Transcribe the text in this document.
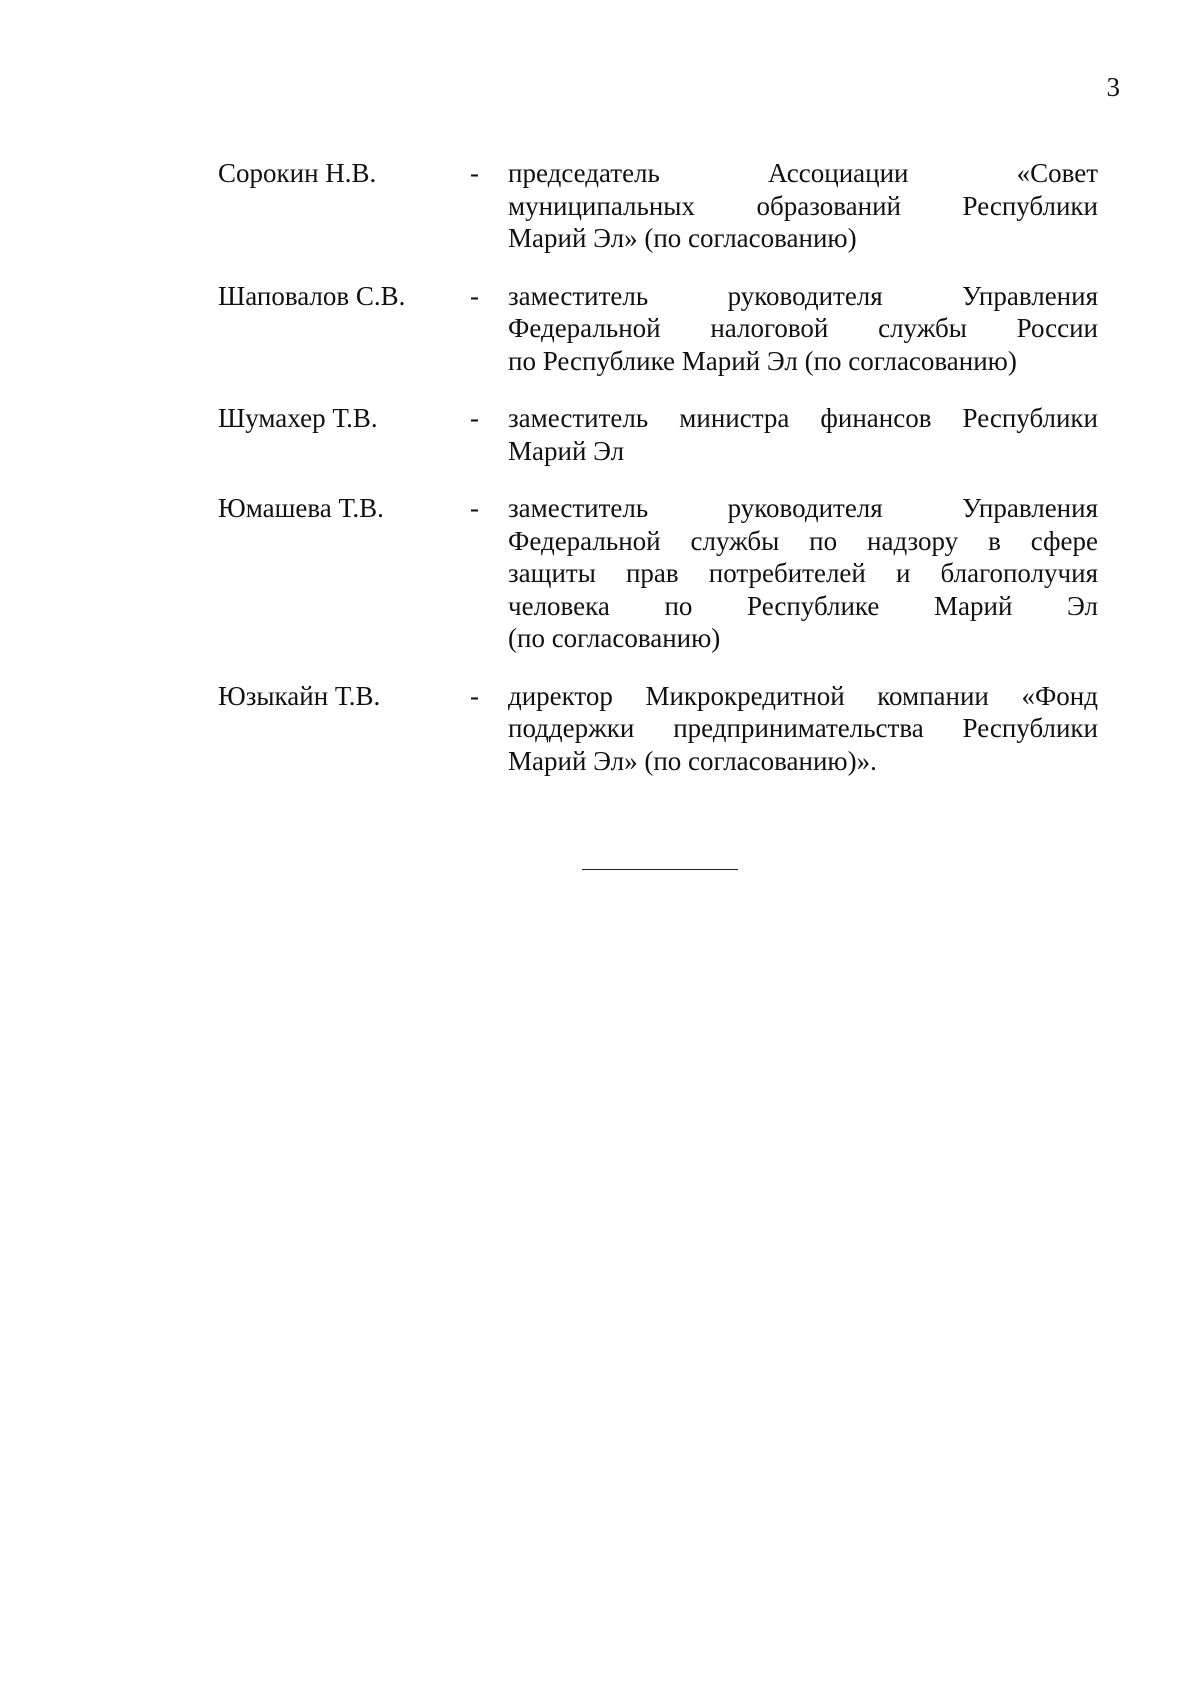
3
Сорокин Н.В.	- председатель Ассоциации «Совет
муниципальных образований Республики
Марий Эл» (по согласованию)
Шаповалов С.В. - заместитель руководителя Управления
Федеральной налоговой службы России
по Республике Марий Эл (по согласованию)
Шумахер Т.В.	- заместитель министра финансов Республики
Марий Эл
Юмашева Т.В.	- заместитель руководителя Управления
Федеральной службы по надзору в сфере
защиты прав потребителей и благополучия
человека по Республике Марий Эл
(по согласованию)
Юзыкайн Т.В.	- директор Микрокредитной компании «Фонд
поддержки предпринимательства Республики
Марий Эл» (по согласованию)».
